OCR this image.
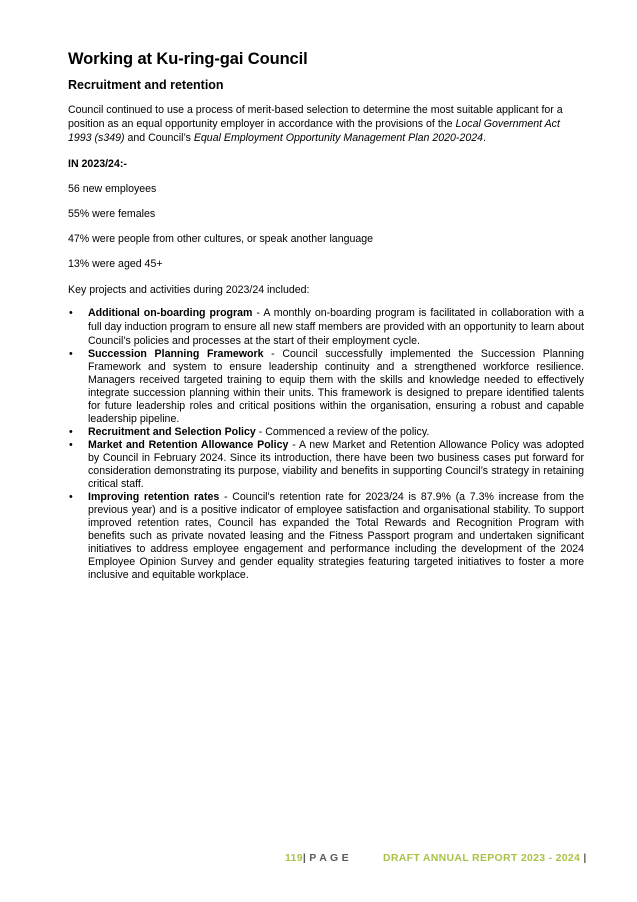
Working at Ku-ring-gai Council
Recruitment and retention

Council continued to use a process of merit-based selection to determine the most suitable applicant for a position as an equal opportunity employer in accordance with the provisions of the Local Government Act 1993 (s349) and Council’s Equal Employment Opportunity Management Plan 2020-2024.

IN 2023/24:-

56 new employees

55% were females

47% were people from other cultures, or speak another language

13% were aged 45+

Key projects and activities during 2023/24 included:

• Additional on-boarding program - A monthly on-boarding program is facilitated in collaboration with a full day induction program to ensure all new staff members are provided with an opportunity to learn about Council’s policies and processes at the start of their employment cycle.
• Succession Planning Framework - Council successfully implemented the Succession Planning Framework and system to ensure leadership continuity and a strengthened workforce resilience. Managers received targeted training to equip them with the skills and knowledge needed to effectively integrate succession planning within their units. This framework is designed to prepare identified talents for future leadership roles and critical positions within the organisation, ensuring a robust and capable leadership pipeline.
• Recruitment and Selection Policy - Commenced a review of the policy.
• Market and Retention Allowance Policy - A new Market and Retention Allowance Policy was adopted by Council in February 2024. Since its introduction, there have been two business cases put forward for consideration demonstrating its purpose, viability and benefits in supporting Council’s strategy in retaining critical staff.
• Improving retention rates - Council's retention rate for 2023/24 is 87.9% (a 7.3% increase from the previous year) and is a positive indicator of employee satisfaction and organisational stability. To support improved retention rates, Council has expanded the Total Rewards and Recognition Program with benefits such as private novated leasing and the Fitness Passport program and undertaken significant initiatives to address employee engagement and performance including the development of the 2024 Employee Opinion Survey and gender equality strategies featuring targeted initiatives to foster a more inclusive and equitable workplace.
119| P A G E	DRAFT ANNUAL REPORT 2023 - 2024 |
